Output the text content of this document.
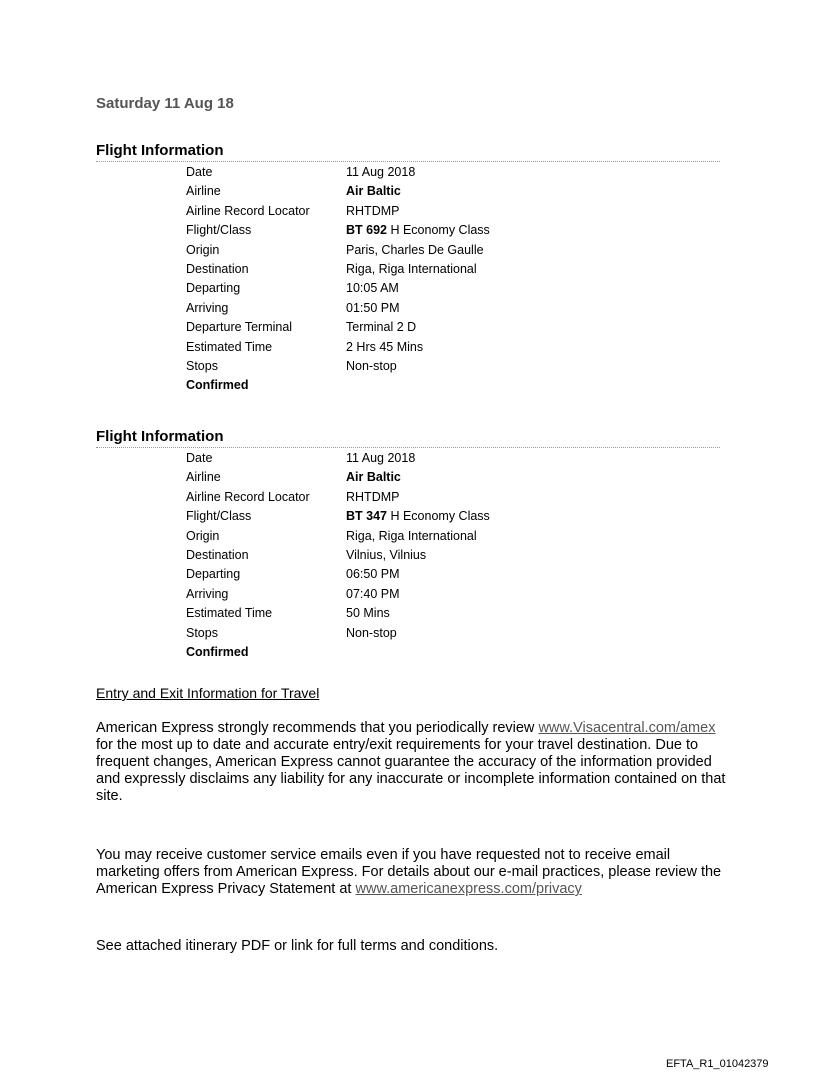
Saturday 11 Aug 18
Flight Information
Date	11 Aug 2018
Airline	Air Baltic
Airline Record Locator	RHTDMP
Flight/Class	BT 692 H Economy Class
Origin	Paris, Charles De Gaulle
Destination	Riga, Riga International
Departing	10:05 AM
Arriving	01:50 PM
Departure Terminal	Terminal 2 D
Estimated Time	2 Hrs 45 Mins
Stops	Non-stop
Confirmed
Flight Information
Date	11 Aug 2018
Airline	Air Baltic
Airline Record Locator	RHTDMP
Flight/Class	BT 347 H Economy Class
Origin	Riga, Riga International
Destination	Vilnius, Vilnius
Departing	06:50 PM
Arriving	07:40 PM
Estimated Time	50 Mins
Stops	Non-stop
Confirmed
Entry and Exit Information for Travel
American Express strongly recommends that you periodically review www.Visacentral.com/amex for the most up to date and accurate entry/exit requirements for your travel destination. Due to frequent changes, American Express cannot guarantee the accuracy of the information provided and expressly disclaims any liability for any inaccurate or incomplete information contained on that site.
You may receive customer service emails even if you have requested not to receive email marketing offers from American Express. For details about our e-mail practices, please review the American Express Privacy Statement at www.americanexpress.com/privacy
See attached itinerary PDF or link for full terms and conditions.
EFTA_R1_01042379
